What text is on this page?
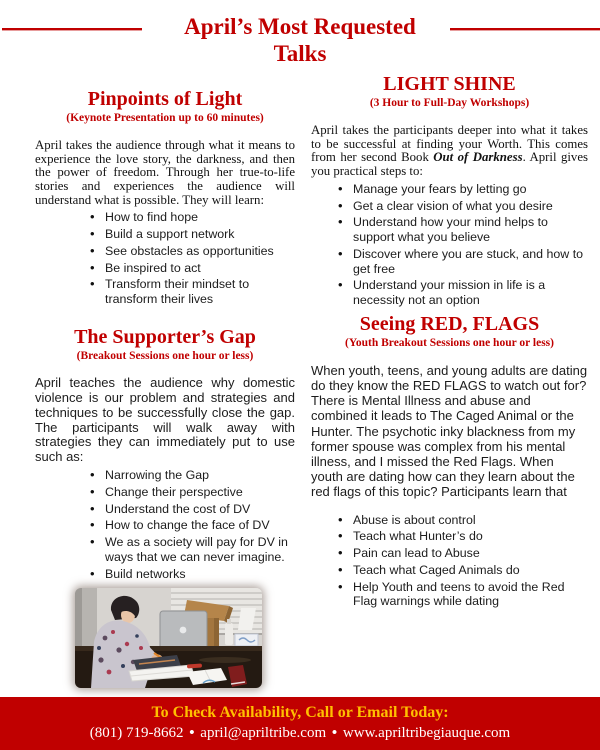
April’s Most Requested
Talks
Pinpoints of Light
(Keynote Presentation up to 60 minutes)

April takes the audience through what it means to experience the love story, the darkness, and then the power of freedom. Through her true-to-life stories and experiences the audience will understand what is possible. They will learn:

• How to find hope
• Build a support network
• See obstacles as opportunities
• Be inspired to act
• Transform their mindset to transform their lives
The Supporter’s Gap
(Breakout Sessions one hour or less)

April teaches the audience why domestic violence is our problem and strategies and techniques to be successfully close the gap. The participants will walk away with strategies they can immediately put to use such as:

• Narrowing the Gap
• Change their perspective
• Understand the cost of DV
• How to change the face of DV
• We as a society will pay for DV in ways that we can never imagine.
• Build networks
LIGHT SHINE
(3 Hour to Full-Day Workshops)

April takes the participants deeper into what it takes to be successful at finding your Worth. This comes from her second Book Out of Darkness. April gives you practical steps to:

• Manage your fears by letting go
• Get a clear vision of what you desire
• Understand how your mind helps to support what you believe
• Discover where you are stuck, and how to get free
• Understand your mission in life is a necessity not an option
Seeing RED, FLAGS
(Youth Breakout Sessions one hour or less)

When youth, teens, and young adults are dating do they know the RED FLAGS to watch out for? There is Mental Illness and abuse and combined it leads to The Caged Animal or the Hunter. The psychotic inky blackness from my former spouse was complex from his mental illness, and I missed the Red Flags. When youth are dating how can they learn about the red flags of this topic? Participants learn that

• Abuse is about control
• Teach what Hunter’s do
• Pain can lead to Abuse
• Teach what Caged Animals do
• Help Youth and teens to avoid the Red Flag warnings while dating
To Check Availability, Call or Email Today:
(801) 719-8662 • april@apriltribe.com • www.apriltribegiauque.com
